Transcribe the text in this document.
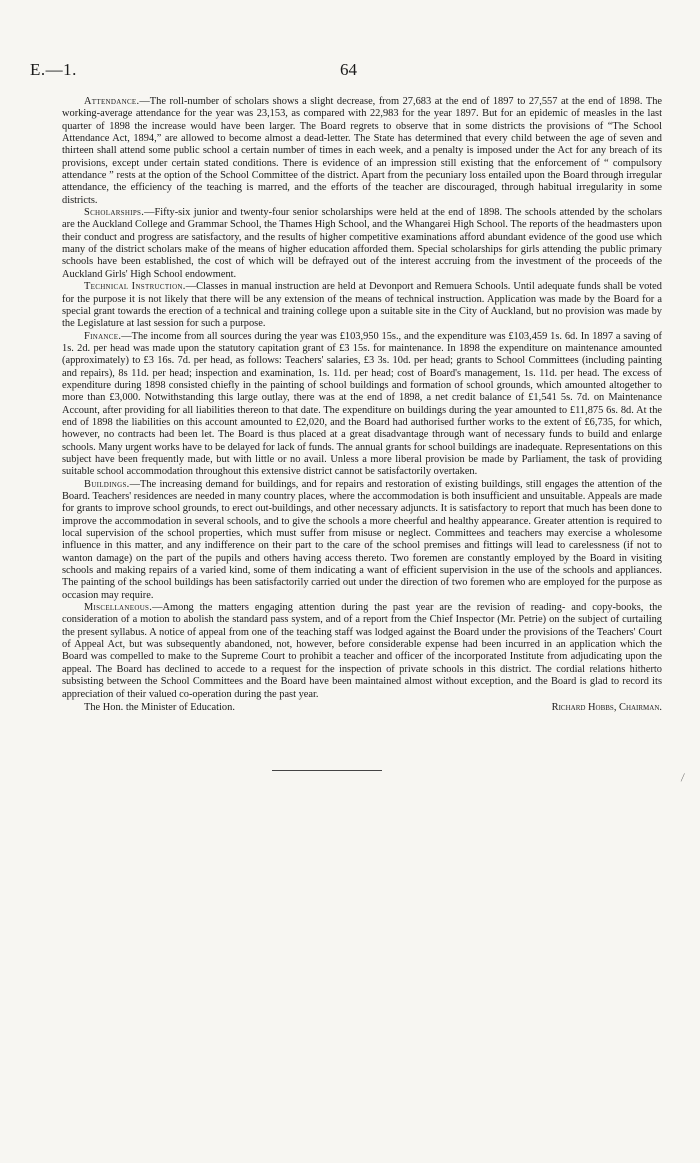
E.—1.	64

Attendance.—The roll-number of scholars shows a slight decrease, from 27,683 at the end of 1897 to 27,557 at the end of 1898. The working-average attendance for the year was 23,153, as compared with 22,983 for the year 1897. But for an epidemic of measles in the last quarter of 1898 the increase would have been larger. The Board regrets to observe that in some districts the provisions of “The School Attendance Act, 1894,” are allowed to become almost a dead-letter. The State has determined that every child between the age of seven and thirteen shall attend some public school a certain number of times in each week, and a penalty is imposed under the Act for any breach of its provisions, except under certain stated conditions. There is evidence of an impression still existing that the enforcement of “ compulsory attendance ” rests at the option of the School Committee of the district. Apart from the pecuniary loss entailed upon the Board through irregular attendance, the efficiency of the teaching is marred, and the efforts of the teacher are discouraged, through habitual irregularity in some districts.

Scholarships.—Fifty-six junior and twenty-four senior scholarships were held at the end of 1898. The schools attended by the scholars are the Auckland College and Grammar School, the Thames High School, and the Whangarei High School. The reports of the headmasters upon their conduct and progress are satisfactory, and the results of higher competitive examinations afford abundant evidence of the good use which many of the district scholars make of the means of higher education afforded them. Special scholarships for girls attending the public primary schools have been established, the cost of which will be defrayed out of the interest accruing from the investment of the proceeds of the Auckland Girls' High School endowment.

Technical Instruction.—Classes in manual instruction are held at Devonport and Remuera Schools. Until adequate funds shall be voted for the purpose it is not likely that there will be any extension of the means of technical instruction. Application was made by the Board for a special grant towards the erection of a technical and training college upon a suitable site in the City of Auckland, but no provision was made by the Legislature at last session for such a purpose.

Finance.—The income from all sources during the year was £103,950 15s., and the expenditure was £103,459 1s. 6d. In 1897 a saving of 1s. 2d. per head was made upon the statutory capitation grant of £3 15s. for maintenance. In 1898 the expenditure on maintenance amounted (approximately) to £3 16s. 7d. per head, as follows: Teachers' salaries, £3 3s. 10d. per head; grants to School Committees (including painting and repairs), 8s 11d. per head; inspection and examination, 1s. 11d. per head; cost of Board's management, 1s. 11d. per head. The excess of expenditure during 1898 consisted chiefly in the painting of school buildings and formation of school grounds, which amounted altogether to more than £3,000. Notwithstanding this large outlay, there was at the end of 1898, a net credit balance of £1,541 5s. 7d. on Maintenance Account, after providing for all liabilities thereon to that date. The expenditure on buildings during the year amounted to £11,875 6s. 8d. At the end of 1898 the liabilities on this account amounted to £2,020, and the Board had authorised further works to the extent of £6,735, for which, however, no contracts had been let. The Board is thus placed at a great disadvantage through want of necessary funds to build and enlarge schools. Many urgent works have to be delayed for lack of funds. The annual grants for school buildings are inadequate. Representations on this subject have been frequently made, but with little or no avail. Unless a more liberal provision be made by Parliament, the task of providing suitable school accommodation throughout this extensive district cannot be satisfactorily overtaken.

Buildings.—The increasing demand for buildings, and for repairs and restoration of existing buildings, still engages the attention of the Board. Teachers' residences are needed in many country places, where the accommodation is both insufficient and unsuitable. Appeals are made for grants to improve school grounds, to erect out-buildings, and other necessary adjuncts. It is satisfactory to report that much has been done to improve the accommodation in several schools, and to give the schools a more cheerful and healthy appearance. Greater attention is required to local supervision of the school properties, which must suffer from misuse or neglect. Committees and teachers may exercise a wholesome influence in this matter, and any indifference on their part to the care of the school premises and fittings will lead to carelessness (if not to wanton damage) on the part of the pupils and others having access thereto. Two foremen are constantly employed by the Board in visiting schools and making repairs of a varied kind, some of them indicating a want of efficient supervision in the use of the schools and appliances. The painting of the school buildings has been satisfactorily carried out under the direction of two foremen who are employed for the purpose as occasion may require.

Miscellaneous.—Among the matters engaging attention during the past year are the revision of reading- and copy-books, the consideration of a motion to abolish the standard pass system, and of a report from the Chief Inspector (Mr. Petrie) on the subject of curtailing the present syllabus. A notice of appeal from one of the teaching staff was lodged against the Board under the provisions of the Teachers' Court of Appeal Act, but was subsequently abandoned, not, however, before considerable expense had been incurred in an application which the Board was compelled to make to the Supreme Court to prohibit a teacher and officer of the incorporated Institute from adjudicating upon the appeal. The Board has declined to accede to a request for the inspection of private schools in this district. The cordial relations hitherto subsisting between the School Committees and the Board have been maintained almost without exception, and the Board is glad to record its appreciation of their valued co-operation during the past year.

The Hon. the Minister of Education.	Richard Hobbs, Chairman.
⁄
